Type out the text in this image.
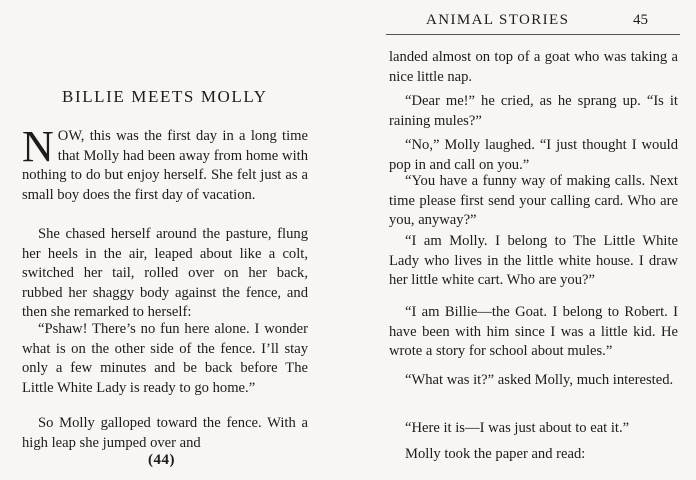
BILLIE MEETS MOLLY

NOW, this was the first day in a long time that Molly had been away from home with nothing to do but enjoy herself. She felt just as a small boy does the first day of vacation.

She chased herself around the pasture, flung her heels in the air, leaped about like a colt, switched her tail, rolled over on her back, rubbed her shaggy body against the fence, and then she remarked to herself:

“Pshaw! There’s no fun here alone. I wonder what is on the other side of the fence. I’ll stay only a few minutes and be back before The Little White Lady is ready to go home.”

So Molly galloped toward the fence. With a high leap she jumped over and

(44)
ANIMAL STORIES	45

landed almost on top of a goat who was taking a nice little nap.

“Dear me!” he cried, as he sprang up. “Is it raining mules?”

“No,” Molly laughed. “I just thought I would pop in and call on you.”

“You have a funny way of making calls. Next time please first send your calling card. Who are you, anyway?”

“I am Molly. I belong to The Little White Lady who lives in the little white house. I draw her little white cart. Who are you?”

“I am Billie—the Goat. I belong to Robert. I have been with him since I was a little kid. He wrote a story for school about mules.”

“What was it?” asked Molly, much interested.

“Here it is—I was just about to eat it.”

Molly took the paper and read:
